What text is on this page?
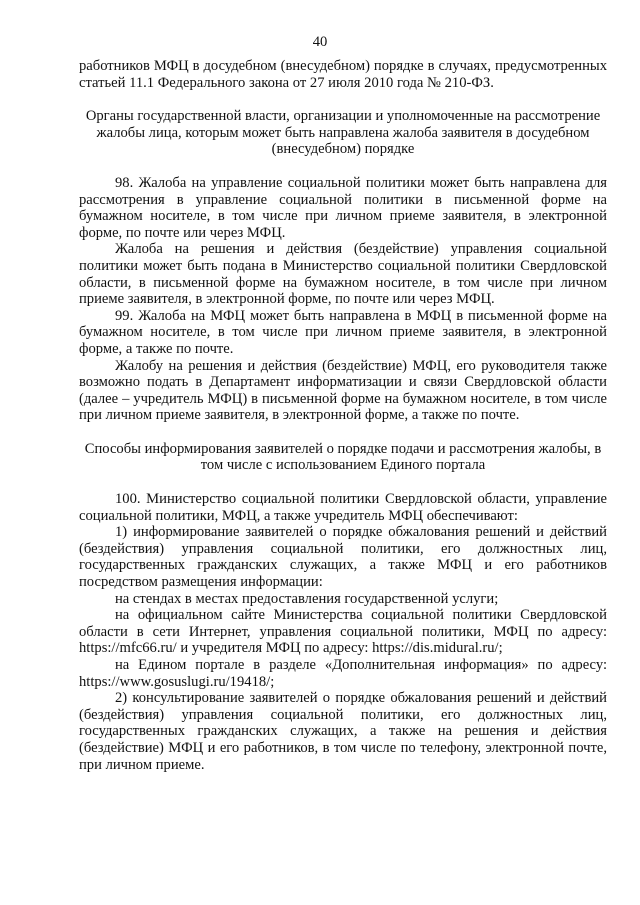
40

работников МФЦ в досудебном (внесудебном) порядке в случаях, предусмотренных статьей 11.1 Федерального закона от 27 июля 2010 года № 210-ФЗ.

Органы государственной власти, организации и уполномоченные на рассмотрение жалобы лица, которым может быть направлена жалоба заявителя в досудебном (внесудебном) порядке

98. Жалоба на управление социальной политики может быть направлена для рассмотрения в управление социальной политики в письменной форме на бумажном носителе, в том числе при личном приеме заявителя, в электронной форме, по почте или через МФЦ.

Жалоба на решения и действия (бездействие) управления социальной политики может быть подана в Министерство социальной политики Свердловской области, в письменной форме на бумажном носителе, в том числе при личном приеме заявителя, в электронной форме, по почте или через МФЦ.

99. Жалоба на МФЦ может быть направлена в МФЦ в письменной форме на бумажном носителе, в том числе при личном приеме заявителя, в электронной форме, а также по почте.

Жалобу на решения и действия (бездействие) МФЦ, его руководителя также возможно подать в Департамент информатизации и связи Свердловской области (далее – учредитель МФЦ) в письменной форме на бумажном носителе, в том числе при личном приеме заявителя, в электронной форме, а также по почте.

Способы информирования заявителей о порядке подачи и рассмотрения жалобы, в том числе с использованием Единого портала

100. Министерство социальной политики Свердловской области, управление социальной политики, МФЦ, а также учредитель МФЦ обеспечивают:

1) информирование заявителей о порядке обжалования решений и действий (бездействия) управления социальной политики, его должностных лиц, государственных гражданских служащих, а также МФЦ и его работников посредством размещения информации:

на стендах в местах предоставления государственной услуги;

на официальном сайте Министерства социальной политики Свердловской области в сети Интернет, управления социальной политики, МФЦ по адресу: https://mfc66.ru/ и учредителя МФЦ по адресу: https://dis.midural.ru/;

на Едином портале в разделе «Дополнительная информация» по адресу: https://www.gosuslugi.ru/19418/;

2) консультирование заявителей о порядке обжалования решений и действий (бездействия) управления социальной политики, его должностных лиц, государственных гражданских служащих, а также на решения и действия (бездействие) МФЦ и его работников, в том числе по телефону, электронной почте, при личном приеме.
